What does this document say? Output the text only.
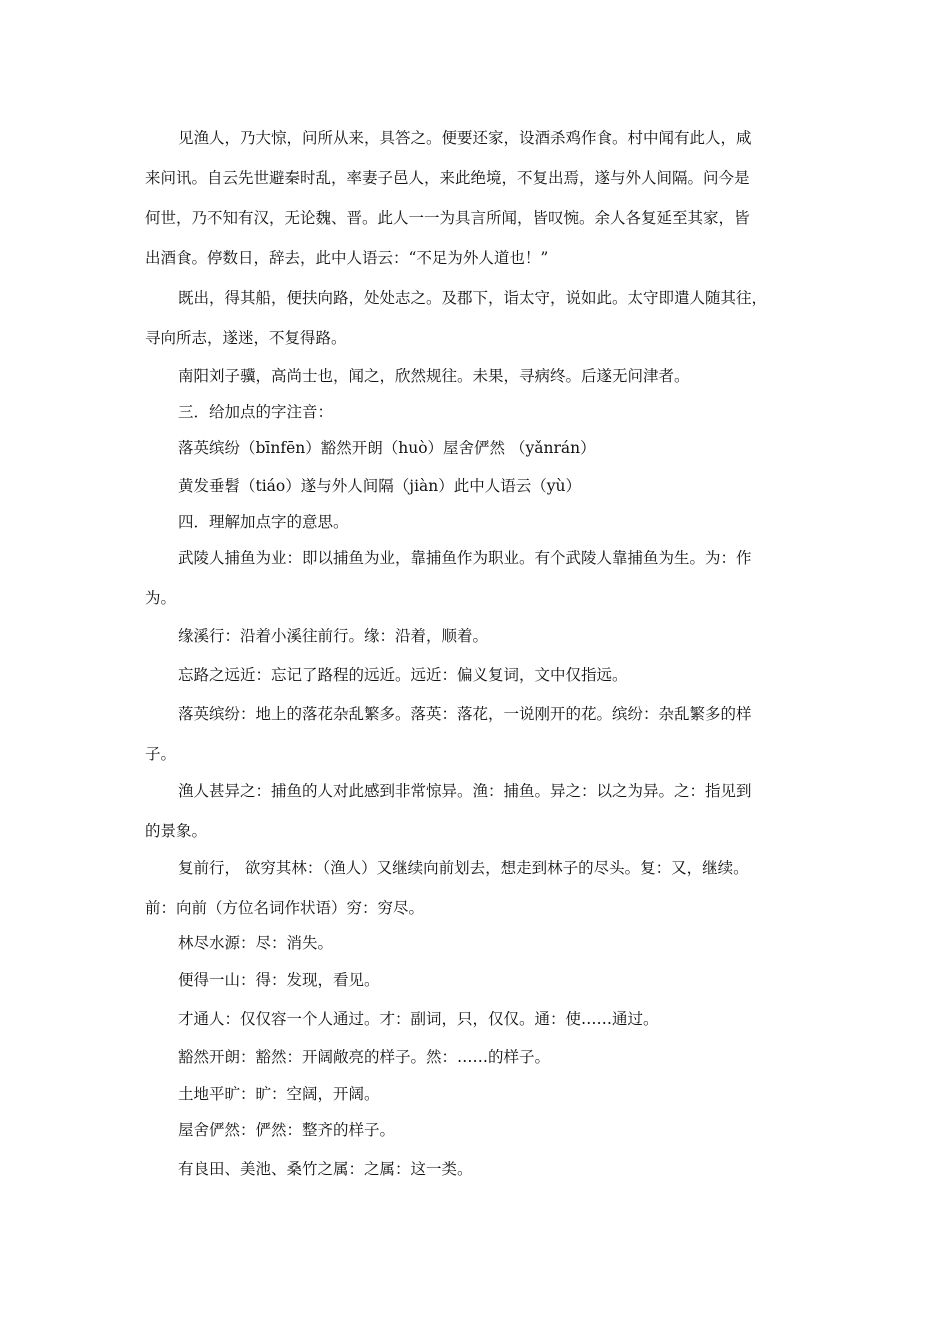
见渔人，乃大惊，问所从来，具答之。便要还家，设酒杀鸡作食。村中闻有此人，咸
来问讯。自云先世避秦时乱，率妻子邑人，来此绝境，不复出焉，遂与外人间隔。问今是
何世，乃不知有汉，无论魏、晋。此人一一为具言所闻，皆叹惋。余人各复延至其家，皆
出酒食。停数日，辞去，此中人语云：“不足为外人道也！”
既出，得其船，便扶向路，处处志之。及郡下，诣太守，说如此。太守即遣人随其往，
寻向所志，遂迷，不复得路。
南阳刘子骥，高尚士也，闻之，欣然规往。未果，寻病终。后遂无问津者。
三．给加点的字注音：
落英缤纷（bīnfēn）豁然开朗（huò）屋舍俨然 （yǎnrán）
黄发垂髫（tiáo）遂与外人间隔（jiàn）此中人语云（yù）
四．理解加点字的意思。
武陵人捕鱼为业：即以捕鱼为业，靠捕鱼作为职业。有个武陵人靠捕鱼为生。为：作
为。
缘溪行：沿着小溪往前行。缘：沿着，顺着。
忘路之远近：忘记了路程的远近。远近：偏义复词，文中仅指远。
落英缤纷：地上的落花杂乱繁多。落英：落花，一说刚开的花。缤纷：杂乱繁多的样
子。
渔人甚异之：捕鱼的人对此感到非常惊异。渔：捕鱼。异之：以之为异。之：指见到
的景象。
复前行， 欲穷其林：（渔人）又继续向前划去，想走到林子的尽头。复：又，继续。
前：向前（方位名词作状语）穷：穷尽。
林尽水源：尽：消失。
便得一山：得：发现，看见。
才通人：仅仅容一个人通过。才：副词，只，仅仅。通：使……通过。
豁然开朗：豁然：开阔敞亮的样子。然：……的样子。
土地平旷：旷：空阔，开阔。
屋舍俨然：俨然：整齐的样子。
有良田、美池、桑竹之属：之属：这一类。
